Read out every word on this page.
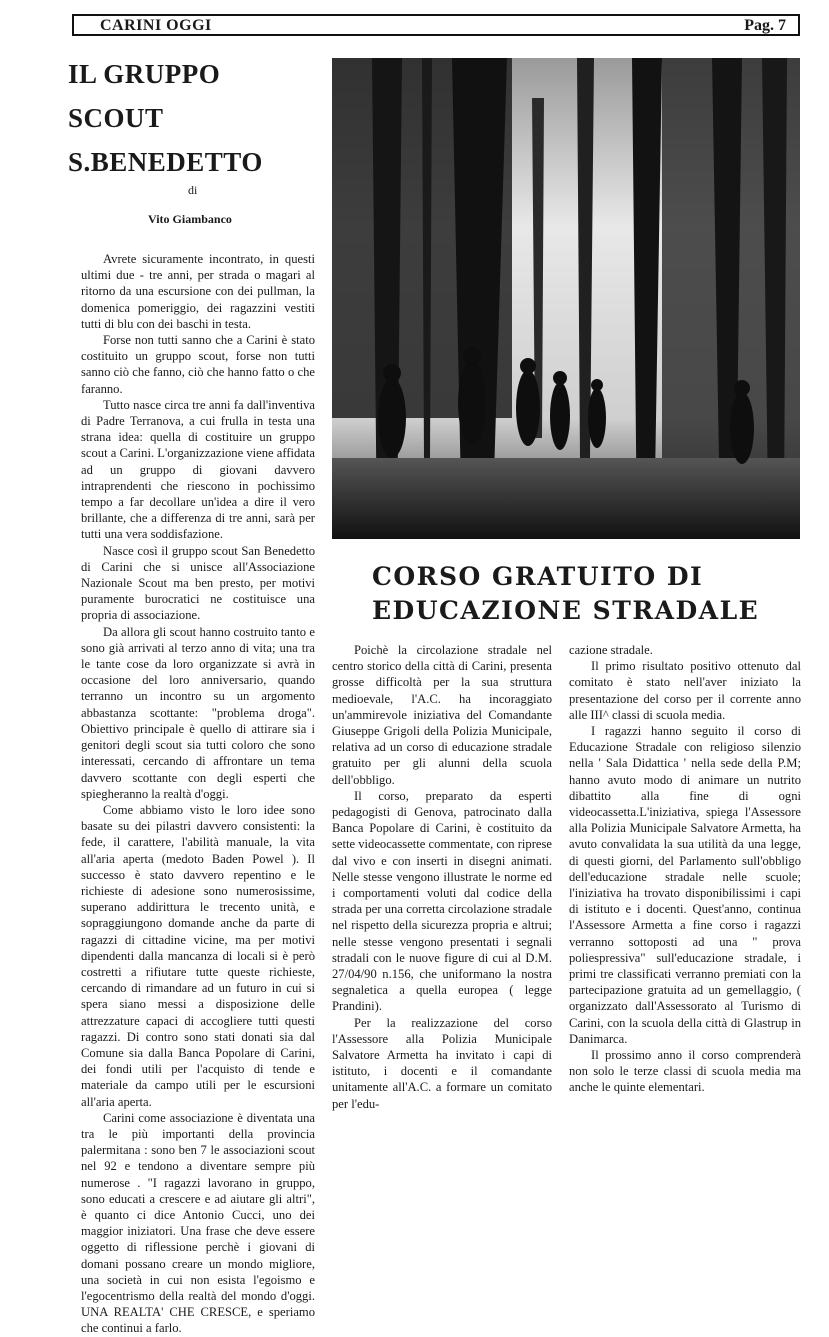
CARINI OGGI	Pag. 7
IL GRUPPO
SCOUT
S.BENEDETTO
di
Vito Giambanco

Avrete sicuramente incontrato, in questi ultimi due - tre anni, per strada o magari al ritorno da una escursione con dei pullman, la domenica pomeriggio, dei ragazzini vestiti tutti di blu con dei baschi in testa.

Forse non tutti sanno che a Carini è stato costituito un gruppo scout, forse non tutti sanno ciò che fanno, ciò che hanno fatto o che faranno.

Tutto nasce circa tre anni fa dall'inventiva di Padre Terranova, a cui frulla in testa una strana idea: quella di costituire un gruppo scout a Carini. L'organizzazione viene affidata ad un gruppo di giovani davvero intraprendenti che riescono in pochissimo tempo a far decollare un'idea a dire il vero brillante, che a differenza di tre anni, sarà per tutti una vera soddisfazione.

Nasce così il gruppo scout San Benedetto di Carini che si unisce all'Associazione Nazionale Scout ma ben presto, per motivi puramente burocratici ne costituisce una propria di associazione.

Da allora gli scout hanno costruito tanto e sono già arrivati al terzo anno di vita; una tra le tante cose da loro organizzate si avrà in occasione del loro anniversario, quando terranno un incontro su un argomento abbastanza scottante: "problema droga". Obiettivo principale è quello di attirare sia i genitori degli scout sia tutti coloro che sono interessati, cercando di affrontare un tema davvero scottante con degli esperti che spiegheranno la realtà d'oggi.

Come abbiamo visto le loro idee sono basate su dei pilastri davvero consistenti: la fede, il carattere, l'abilità manuale, la vita all'aria aperta (medoto Baden Powel ). Il successo è stato davvero repentino e le richieste di adesione sono numerosissime, superano addirittura le trecento unità, e sopraggiungono domande anche da parte di ragazzi di cittadine vicine, ma per motivi dipendenti dalla mancanza di locali si è però costretti a rifiutare tutte queste richieste, cercando di rimandare ad un futuro in cui si spera siano messi a disposizione delle attrezzature capaci di accogliere tutti questi ragazzi. Di contro sono stati donati sia dal Comune sia dalla Banca Popolare di Carini, dei fondi utili per l'acquisto di tende e materiale da campo utili per le escursioni all'aria aperta.

Carini come associazione è diventata una tra le più importanti della provincia palermitana : sono ben 7 le associazioni scout nel 92 e tendono a diventare sempre più numerose . "I ragazzi lavorano in gruppo, sono educati a crescere e ad aiutare gli altri", è quanto ci dice Antonio Cucci, uno dei maggior iniziatori. Una frase che deve essere oggetto di riflessione perchè i giovani di domani possano creare un mondo migliore, una società in cui non esista l'egoismo e l'egocentrismo della realtà del mondo d'oggi. UNA REALTA' CHE CRESCE, e speriamo che continui a farlo.

CORSO GRATUITO DI
EDUCAZIONE STRADALE

Poichè la circolazione stradale nel centro storico della città di Carini, presenta grosse difficoltà per la sua struttura medioevale, l'A.C. ha incoraggiato un'ammirevole iniziativa del Comandante Giuseppe Grigoli della Polizia Municipale, relativa ad un corso di educazione stradale gratuito per gli alunni della scuola dell'obbligo.

Il corso, preparato da esperti pedagogisti di Genova, patrocinato dalla Banca Popolare di Carini, è costituito da sette videocassette commentate, con riprese dal vivo e con inserti in disegni animati. Nelle stesse vengono illustrate le norme ed i comportamenti voluti dal codice della strada per una corretta circolazione stradale nel rispetto della sicurezza propria e altrui; nelle stesse vengono presentati i segnali stradali con le nuove figure di cui al D.M. 27/04/90 n.156, che uniformano la nostra segnaletica a quella europea ( legge Prandini).

Per la realizzazione del corso l'Assessore alla Polizia Municipale Salvatore Armetta ha invitato i capi di istituto, i docenti e il comandante unitamente all'A.C. a formare un comitato per l'edu-

cazione stradale.

Il primo risultato positivo ottenuto dal comitato è stato nell'aver iniziato la presentazione del corso per il corrente anno alle III^ classi di scuola media.

I ragazzi hanno seguito il corso di Educazione Stradale con religioso silenzio nella ' Sala Didattica ' nella sede della P.M; hanno avuto modo di animare un nutrito dibattito alla fine di ogni videocassetta.L'iniziativa, spiega l'Assessore alla Polizia Municipale Salvatore Armetta, ha avuto convalidata la sua utilità da una legge, di questi giorni, del Parlamento sull'obbligo dell'educazione stradale nelle scuole; l'iniziativa ha trovato disponibilissimi i capi di istituto e i docenti. Quest'anno, continua l'Assessore Armetta a fine corso i ragazzi verranno sottoposti ad una " prova poliespressiva" sull'educazione stradale, i primi tre classificati verranno premiati con la partecipazione gratuita ad un gemellaggio, ( organizzato dall'Assessorato al Turismo di Carini, con la scuola della città di Glastrup in Danimarca.

Il prossimo anno il corso comprenderà non solo le terze classi di scuola media ma anche le quinte elementari.
